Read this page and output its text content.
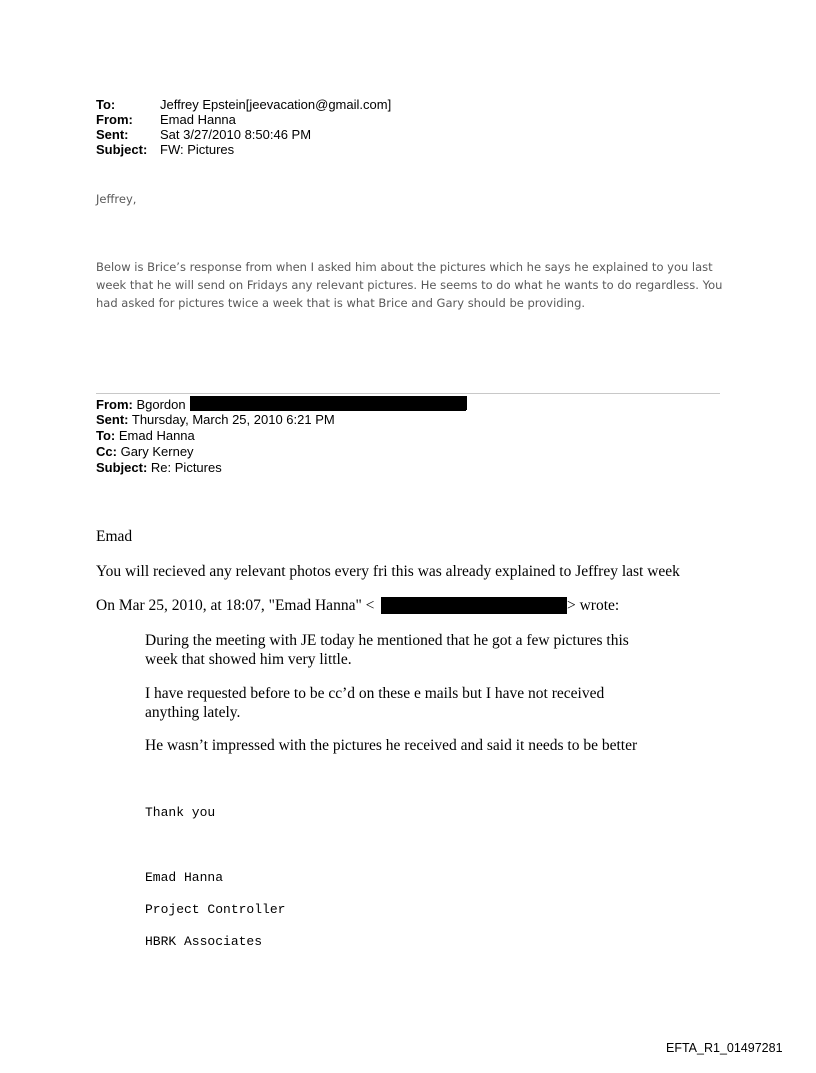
To:	Jeffrey Epstein[jeevacation@gmail.com]
From: Emad Hanna
Sent: Sat 3/27/2010 8:50:46 PM
Subject: FW: Pictures
Jeffrey,
Below is Brice’s response from when I asked him about the pictures which he says he explained to you last week that he will send on Fridays any relevant pictures. He seems to do what he wants to do regardless. You had asked for pictures twice a week that is what Brice and Gary should be providing.
From: Bgordon
Sent: Thursday, March 25, 2010 6:21 PM
To: Emad Hanna
Cc: Gary Kerney
Subject: Re: Pictures
Emad
You will recieved any relevant photos every fri this was already explained to Jeffrey last week
On Mar 25, 2010, at 18:07, "Emad Hanna" <	> wrote:
During the meeting with JE today he mentioned that he got a few pictures this week that showed him very little.
I have requested before to be cc’d on these e mails but I have not received anything lately.
He wasn’t impressed with the pictures he received and said it needs to be better
Thank you
Emad Hanna
Project Controller
HBRK Associates
EFTA_R1_01497281
